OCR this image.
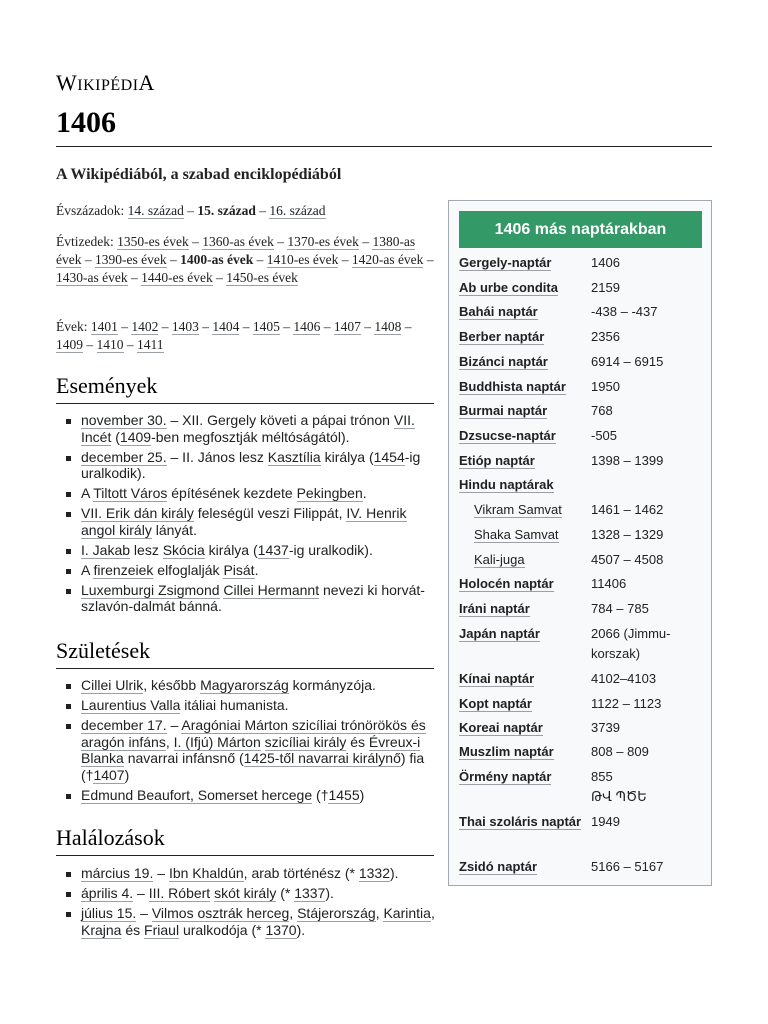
WIKIPÉDIA
1406
A Wikipédiából, a szabad enciklopédiából
Évszázadok: 14. század – 15. század – 16. század
Évtizedek: 1350-es évek – 1360-as évek – 1370-es évek – 1380-as évek – 1390-es évek – 1400-as évek – 1410-es évek – 1420-as évek – 1430-as évek – 1440-es évek – 1450-es évek
Évek: 1401 – 1402 – 1403 – 1404 – 1405 – 1406 – 1407 – 1408 – 1409 – 1410 – 1411
Események
november 30. – XII. Gergely követi a pápai trónon VII. Incét (1409-ben megfosztják méltóságától).
december 25. – II. János lesz Kasztília királya (1454-ig uralkodik).
A Tiltott Város építésének kezdete Pekingben.
VII. Erik dán király feleségül veszi Filippát, IV. Henrik angol király lányát.
I. Jakab lesz Skócia királya (1437-ig uralkodik).
A firenzeiek elfoglalják Pisát.
Luxemburgi Zsigmond Cillei Hermannt nevezi ki horvát-szlavón-dalmát bánná.
Születések
Cillei Ulrik, később Magyarország kormányzója.
Laurentius Valla itáliai humanista.
december 17. – Aragóniai Márton szicíliai trónörökös és aragón infáns, I. (Ifjú) Márton szicíliai király és Évreux-i Blanka navarrai infánsnő (1425-től navarrai királynő) fia (†1407)
Edmund Beaufort, Somerset hercege (†1455)
Halálozások
március 19. – Ibn Khaldún, arab történész (* 1332).
április 4. – III. Róbert skót király (* 1337).
július 15. – Vilmos osztrák herceg, Stájerország, Karintia, Krajna és Friaul uralkodója (* 1370).
1406 más naptárakban
Gergely-naptár	1406
Ab urbe condita	2159
Bahái naptár	-438 – -437
Berber naptár	2356
Bizánci naptár	6914 – 6915
Buddhista naptár	1950
Burmai naptár	768
Dzsucse-naptár	-505
Etióp naptár	1398 – 1399
Hindu naptárak
Vikram Samvat	1461 – 1462
Shaka Samvat	1328 – 1329
Kali-juga	4507 – 4508
Holocén naptár	11406
Iráni naptár	784 – 785
Japán naptár	2066 (Jimmu-korszak)
Kínai naptár	4102–4103
Kopt naptár	1122 – 1123
Koreai naptár	3739
Muszlim naptár	808 – 809
Örmény naptár	855
ԹՎ ՊԾԵ
Thai szoláris naptár 1949
Zsidó naptár	5166 – 5167
